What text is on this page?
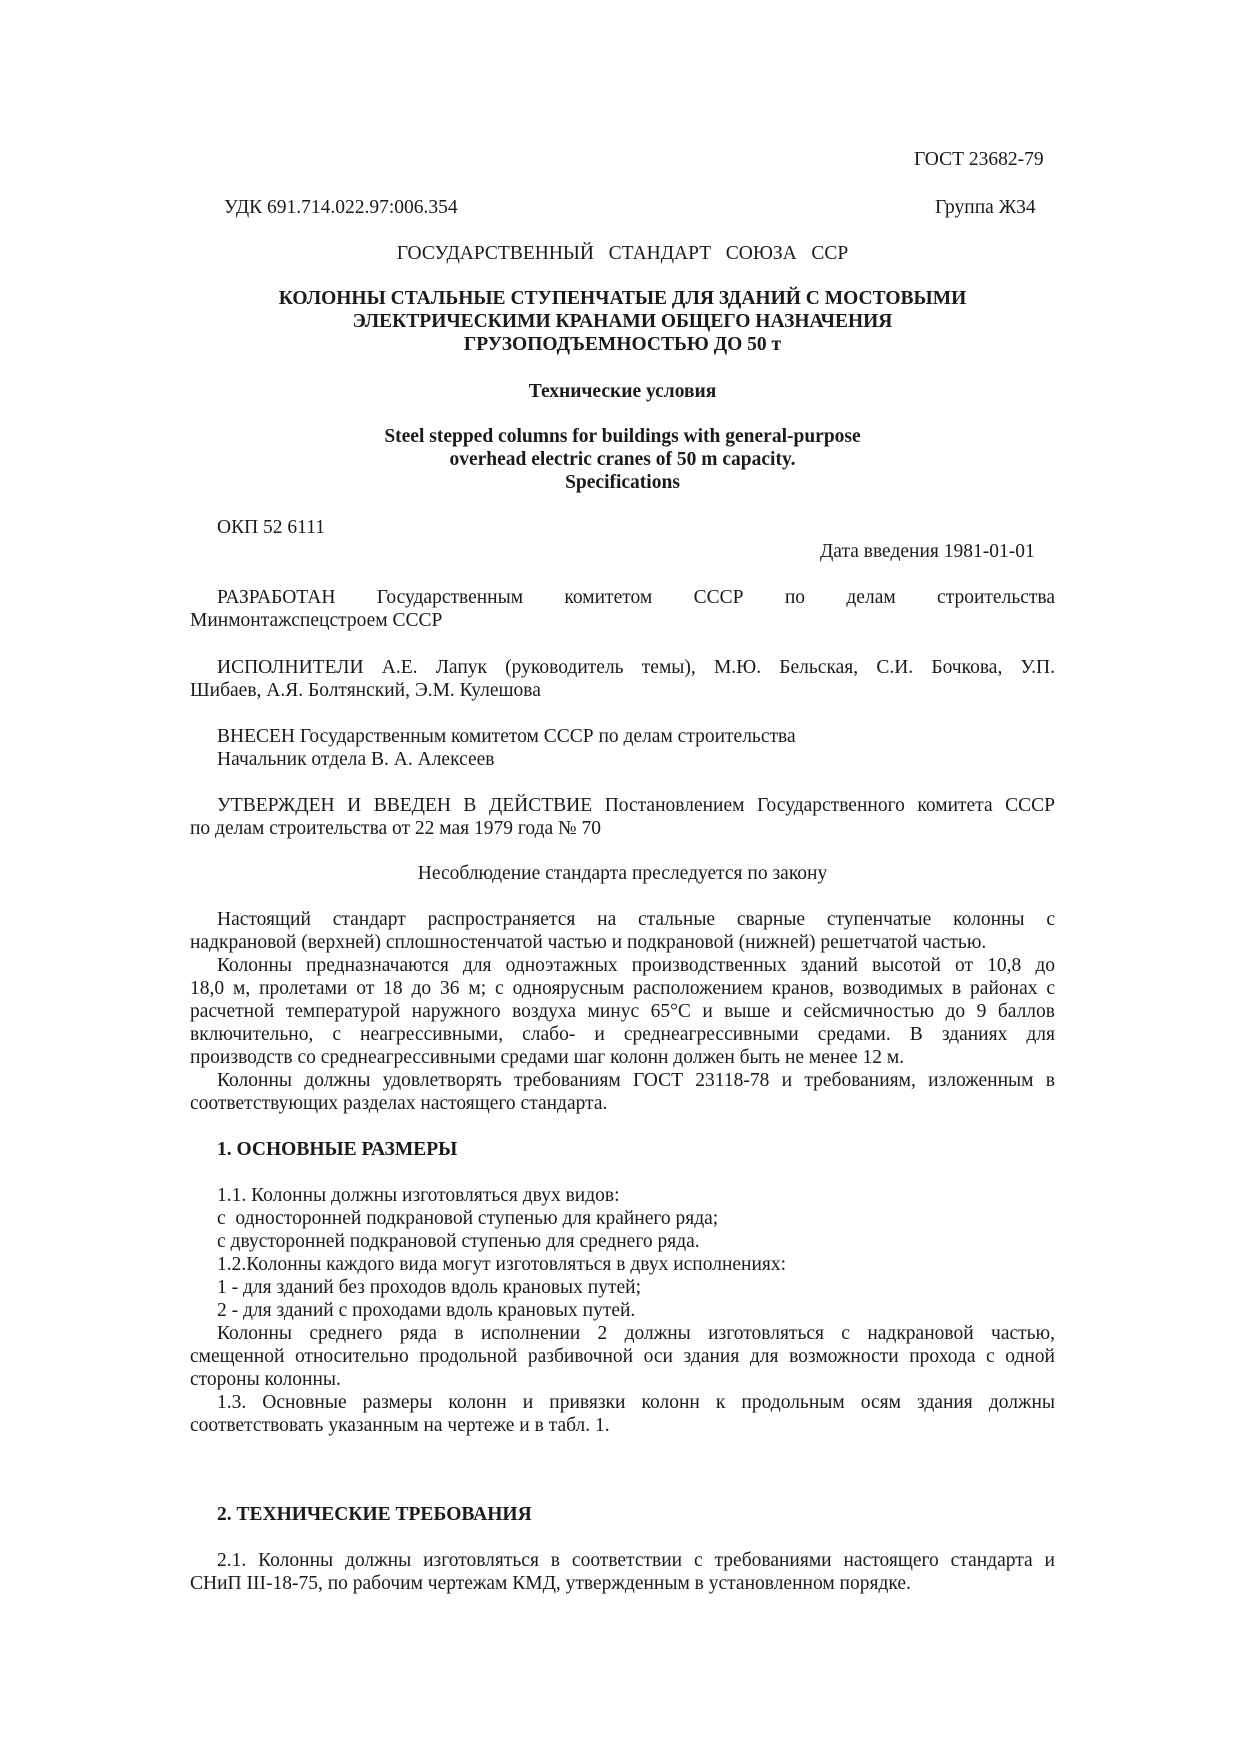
ГОСТ 23682-79
УДК 691.714.022.97:006.354	Группа Ж34
ГОСУДАРСТВЕННЫЙ   СТАНДАРТ   СОЮЗА   ССР
КОЛОННЫ СТАЛЬНЫЕ СТУПЕНЧАТЫЕ ДЛЯ ЗДАНИЙ С МОСТОВЫМИ
ЭЛЕКТРИЧЕСКИМИ КРАНАМИ ОБЩЕГО НАЗНАЧЕНИЯ
ГРУЗОПОДЪЕМНОСТЬЮ ДО 50 т
Технические условия
Steel stepped columns for buildings with general-purpose
overhead electric cranes of 50 m capacity.
Specifications
ОКП 52 6111
Дата введения 1981-01-01
РАЗРАБОТАН Государственным комитетом СССР по делам строительства
Минмонтажспецстроем СССР
ИСПОЛНИТЕЛИ А.Е. Лапук (руководитель темы), М.Ю. Бельская, С.И. Бочкова, У.П.
Шибаев, А.Я. Болтянский, Э.М. Кулешова
ВНЕСЕН Государственным комитетом СССР по делам строительства
Начальник отдела В. А. Алексеев
УТВЕРЖДЕН И ВВЕДЕН В ДЕЙСТВИЕ Постановлением Государственного комитета СССР
по делам строительства от 22 мая 1979 года № 70
Несоблюдение стандарта преследуется по закону
Настоящий стандарт распространяется на стальные сварные ступенчатые колонны с
надкрановой (верхней) сплошностенчатой частью и подкрановой (нижней) решетчатой частью.
Колонны предназначаются для одноэтажных производственных зданий высотой от 10,8 до
18,0 м, пролетами от 18 до 36 м; с одноярусным расположением кранов, возводимых в районах с
расчетной температурой наружного воздуха минус 65°С и выше и сейсмичностью до 9 баллов
включительно, с неагрессивными, слабо- и среднеагрессивными средами. В зданиях для
производств со среднеагрессивными средами шаг колонн должен быть не менее 12 м.
Колонны должны удовлетворять требованиям ГОСТ 23118-78 и требованиям, изложенным в
соответствующих разделах настоящего стандарта.
1. ОСНОВНЫЕ РАЗМЕРЫ
1.1. Колонны должны изготовляться двух видов:
с  односторонней подкрановой ступенью для крайнего ряда;
с двусторонней подкрановой ступенью для среднего ряда.
1.2.Колонны каждого вида могут изготовляться в двух исполнениях:
1 - для зданий без проходов вдоль крановых путей;
2 - для зданий с проходами вдоль крановых путей.
Колонны среднего ряда в исполнении 2 должны изготовляться с надкрановой частью,
смещенной относительно продольной разбивочной оси здания для возможности прохода с одной
стороны колонны.
1.3. Основные размеры колонн и привязки колонн к продольным осям здания должны
соответствовать указанным на чертеже и в табл. 1.
2. ТЕХНИЧЕСКИЕ ТРЕБОВАНИЯ
2.1. Колонны должны изготовляться в соответствии с требованиями настоящего стандарта и
СНиП III-18-75, по рабочим чертежам КМД, утвержденным в установленном порядке.
